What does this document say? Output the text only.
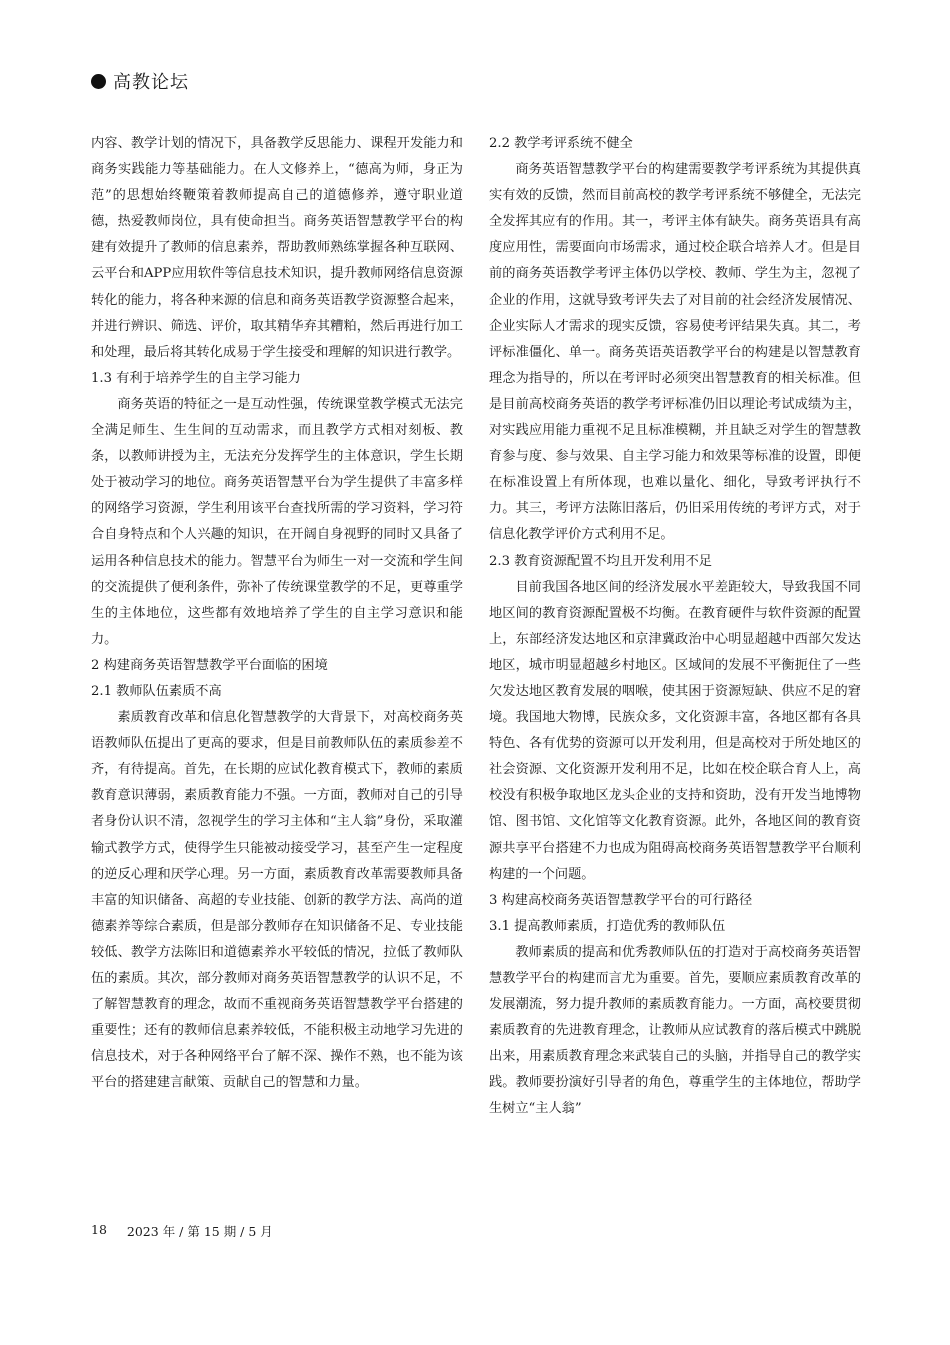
高教论坛

内容、教学计划的情况下，具备教学反思能力、课程开发能力和商务实践能力等基础能力。在人文修养上，“德高为师，身正为范”的思想始终鞭策着教师提高自己的道德修养，遵守职业道德，热爱教师岗位，具有使命担当。商务英语智慧教学平台的构建有效提升了教师的信息素养，帮助教师熟练掌握各种互联网、云平台和APP应用软件等信息技术知识，提升教师网络信息资源转化的能力，将各种来源的信息和商务英语教学资源整合起来，并进行辨识、筛选、评价，取其精华弃其糟粕，然后再进行加工和处理，最后将其转化成易于学生接受和理解的知识进行教学。

1.3 有利于培养学生的自主学习能力

商务英语的特征之一是互动性强，传统课堂教学模式无法完全满足师生、生生间的互动需求，而且教学方式相对刻板、教条，以教师讲授为主，无法充分发挥学生的主体意识，学生长期处于被动学习的地位。商务英语智慧平台为学生提供了丰富多样的网络学习资源，学生利用该平台查找所需的学习资料，学习符合自身特点和个人兴趣的知识，在开阔自身视野的同时又具备了运用各种信息技术的能力。智慧平台为师生一对一交流和学生间的交流提供了便利条件，弥补了传统课堂教学的不足，更尊重学生的主体地位，这些都有效地培养了学生的自主学习意识和能力。

2 构建商务英语智慧教学平台面临的困境
2.1 教师队伍素质不高

素质教育改革和信息化智慧教学的大背景下，对高校商务英语教师队伍提出了更高的要求，但是目前教师队伍的素质参差不齐，有待提高。首先，在长期的应试化教育模式下，教师的素质教育意识薄弱，素质教育能力不强。一方面，教师对自己的引导者身份认识不清，忽视学生的学习主体和“主人翁”身份，采取灌输式教学方式，使得学生只能被动接受学习，甚至产生一定程度的逆反心理和厌学心理。另一方面，素质教育改革需要教师具备丰富的知识储备、高超的专业技能、创新的教学方法、高尚的道德素养等综合素质，但是部分教师存在知识储备不足、专业技能较低、教学方法陈旧和道德素养水平较低的情况，拉低了教师队伍的素质。其次，部分教师对商务英语智慧教学的认识不足，不了解智慧教育的理念，故而不重视商务英语智慧教学平台搭建的重要性；还有的教师信息素养较低，不能积极主动地学习先进的信息技术，对于各种网络平台了解不深、操作不熟，也不能为该平台的搭建建言献策、贡献自己的智慧和力量。

2.2 教学考评系统不健全

商务英语智慧教学平台的构建需要教学考评系统为其提供真实有效的反馈，然而目前高校的教学考评系统不够健全，无法完全发挥其应有的作用。其一，考评主体有缺失。商务英语具有高度应用性，需要面向市场需求，通过校企联合培养人才。但是目前的商务英语教学考评主体仍以学校、教师、学生为主，忽视了企业的作用，这就导致考评失去了对目前的社会经济发展情况、企业实际人才需求的现实反馈，容易使考评结果失真。其二，考评标准僵化、单一。商务英语英语教学平台的构建是以智慧教育理念为指导的，所以在考评时必须突出智慧教育的相关标准。但是目前高校商务英语的教学考评标准仍旧以理论考试成绩为主，对实践应用能力重视不足且标准模糊，并且缺乏对学生的智慧教育参与度、参与效果、自主学习能力和效果等标准的设置，即便在标准设置上有所体现，也难以量化、细化，导致考评执行不力。其三，考评方法陈旧落后，仍旧采用传统的考评方式，对于信息化教学评价方式利用不足。

2.3 教育资源配置不均且开发利用不足

目前我国各地区间的经济发展水平差距较大，导致我国不同地区间的教育资源配置极不均衡。在教育硬件与软件资源的配置上，东部经济发达地区和京津冀政治中心明显超越中西部欠发达地区，城市明显超越乡村地区。区域间的发展不平衡扼住了一些欠发达地区教育发展的咽喉，使其困于资源短缺、供应不足的窘境。我国地大物博，民族众多，文化资源丰富，各地区都有各具特色、各有优势的资源可以开发利用，但是高校对于所处地区的社会资源、文化资源开发利用不足，比如在校企联合育人上，高校没有积极争取地区龙头企业的支持和资助，没有开发当地博物馆、图书馆、文化馆等文化教育资源。此外，各地区间的教育资源共享平台搭建不力也成为阻碍高校商务英语智慧教学平台顺利构建的一个问题。

3 构建高校商务英语智慧教学平台的可行路径
3.1 提高教师素质，打造优秀的教师队伍

教师素质的提高和优秀教师队伍的打造对于高校商务英语智慧教学平台的构建而言尤为重要。首先，要顺应素质教育改革的发展潮流，努力提升教师的素质教育能力。一方面，高校要贯彻素质教育的先进教育理念，让教师从应试教育的落后模式中跳脱出来，用素质教育理念来武装自己的头脑，并指导自己的教学实践。教师要扮演好引导者的角色，尊重学生的主体地位，帮助学生树立“主人翁”

18 2023 年 / 第 15 期 / 5 月
